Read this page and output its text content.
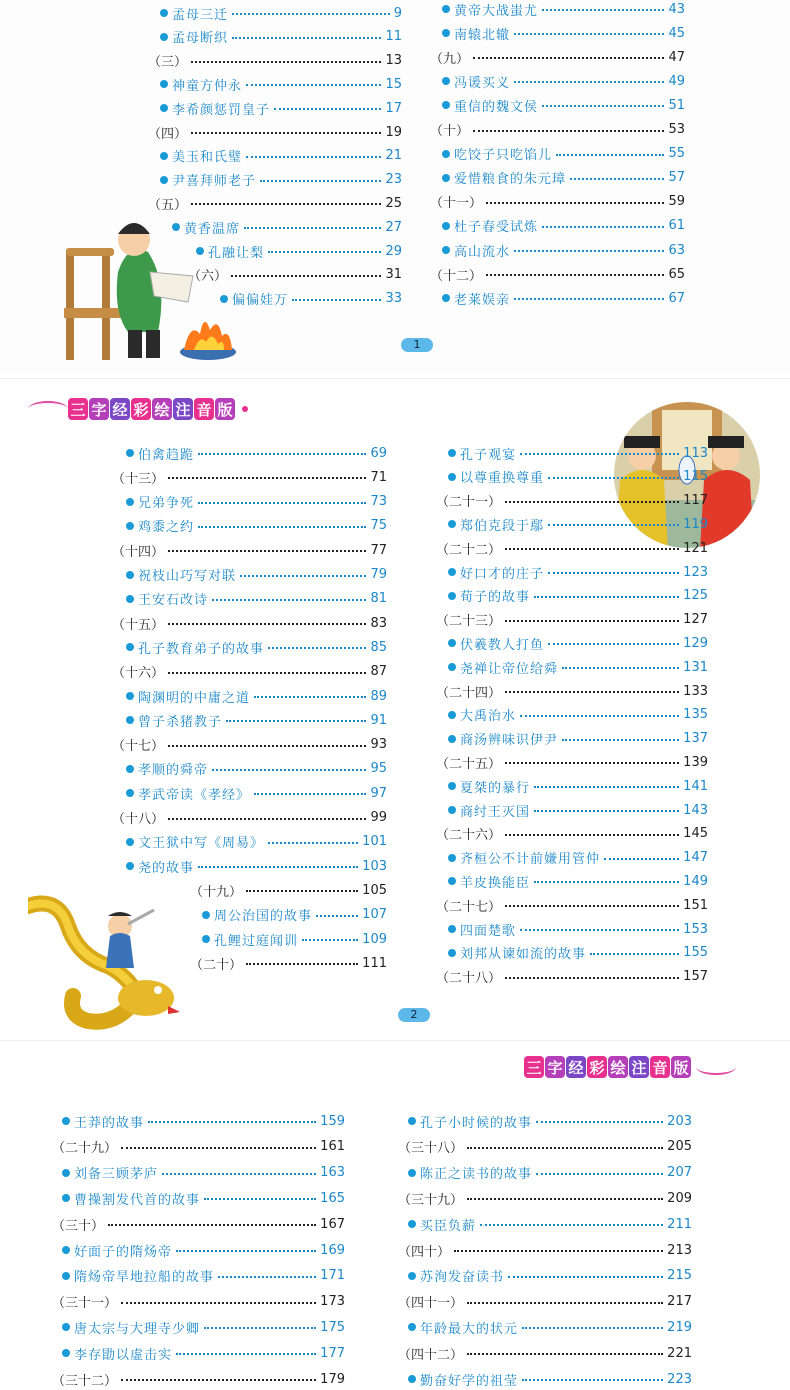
孟母三迁	9
孟母断织	11
（三）	13
神童方仲永	15
李希颜惩罚皇子	17
（四）	19
美玉和氏璧	21
尹喜拜师老子	23
（五）	25
黄香温席	27
孔融让梨	29
（六）	31
偏偏娃万	33
黄帝大战蚩尤	43
南辕北辙	45
（九）	47
冯谖买义	49
重信的魏文侯	51
（十）	53
吃饺子只吃馅儿	55
爱惜粮食的朱元璋	57
（十一）	59
杜子春受试炼	61
高山流水	63
（十二）	65
老莱娱亲	67
1
三 字 经 彩 绘 注 音 版
伯禽趋跪	69
（十三）	71
兄弟争死	73
鸡黍之约	75
（十四）	77
祝枝山巧写对联	79
王安石改诗	81
（十五）	83
孔子教育弟子的故事	85
（十六）	87
陶渊明的中庸之道	89
曾子杀猪教子	91
（十七）	93
孝顺的舜帝	95
孝武帝读《孝经》	97
（十八）	99
文王狱中写《周易》	101
尧的故事	103
（十九）	105
周公治国的故事	107
孔鲤过庭闻训	109
（二十）	111
孔子观宴	113
以尊重换尊重	115
（二十一）	117
郑伯克段于鄢	119
（二十二）	121
好口才的庄子	123
荀子的故事	125
（二十三）	127
伏羲教人打鱼	129
尧禅让帝位给舜	131
（二十四）	133
大禹治水	135
商汤辨味识伊尹	137
（二十五）	139
夏桀的暴行	141
商纣王灭国	143
（二十六）	145
齐桓公不计前嫌用管仲	147
羊皮换能臣	149
（二十七）	151
四面楚歌	153
刘邦从谏如流的故事	155
（二十八）	157
2
三 字 经 彩 绘 注 音 版
王莽的故事	159
（二十九）	161
刘备三顾茅庐	163
曹操割发代首的故事	165
（三十）	167
好面子的隋炀帝	169
隋炀帝旱地拉船的故事	171
（三十一）	173
唐太宗与大理寺少卿	175
李存勖以虚击实	177
（三十二）	179
孔子小时候的故事	203
（三十八）	205
陈正之读书的故事	207
（三十九）	209
买臣负薪	211
（四十）	213
苏洵发奋读书	215
（四十一）	217
年龄最大的状元	219
（四十二）	221
勤奋好学的祖莹	223
